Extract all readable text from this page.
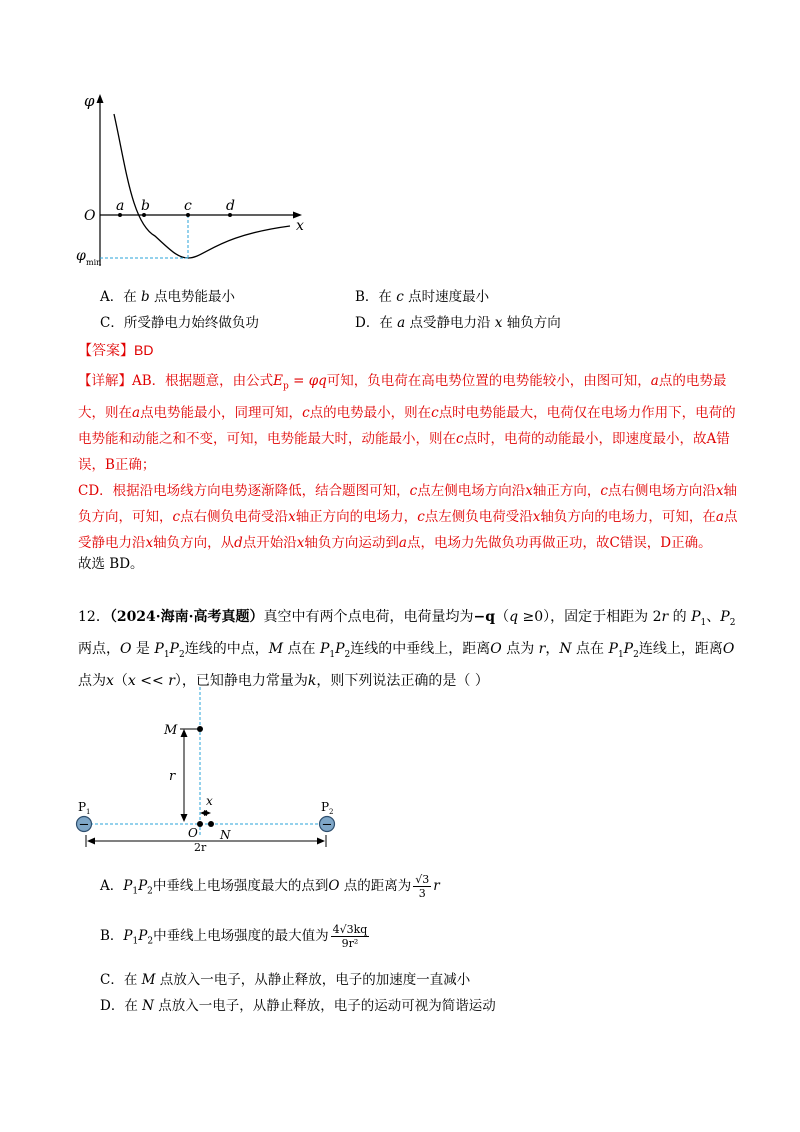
φ
O
x
a b c d
φ min
A．在 b 点电势能最小	B．在 c 点时速度最小
C．所受静电力始终做负功	D．在 a 点受静电力沿 x 轴负方向
【答案】BD

【详解】AB．根据题意，由公式$E_p = \varphi q$可知，负电荷在高电势位置的电势能较小，由图可知，a点的电势最大，则在a点电势能最小，同理可知，c点的电势最小，则在c点时电势能最大，电荷仅在电场力作用下，电荷的电势能和动能之和不变，可知，电势能最大时，动能最小，则在c点时，电荷的动能最小，即速度最小，故A错误，B正确；

CD．根据沿电场线方向电势逐渐降低，结合题图可知，c点左侧电场方向沿x轴正方向，c点右侧电场方向沿x轴负方向，可知，c点右侧负电荷受沿x轴正方向的电场力，c点左侧负电荷受沿x轴负方向的电场力，可知，在a点受静电力沿x轴负方向，从d点开始沿x轴负方向运动到a点，电场力先做负功再做正功，故C错误，D正确。

故选 BD。
12．（2024·海南·高考真题）真空中有两个点电荷，电荷量均为−q（q ≥0），固定于相距为 2r 的 $P_1$、$P_2$两点，O 是 $P_1P_2$连线的中点，M 点在 $P_1P_2$连线的中垂线上，距离O 点为 r，N 点在 $P_1P_2$连线上，距离O 点为x（x << r），已知静电力常量为k，则下列说法正确的是（ ）
−	−
M
r
x
O N
2r
P 1	P 2
A．$P_1P_2$中垂线上电场强度最大的点到O 点的距离为 $\frac{√3}{3}$ r
B．$P_1P_2$中垂线上电场强度的最大值为 $\frac{4√3kq}{\text{9r²}}$
C．在 M 点放入一电子，从静止释放，电子的加速度一直减小
D．在 N 点放入一电子，从静止释放，电子的运动可视为简谐运动
